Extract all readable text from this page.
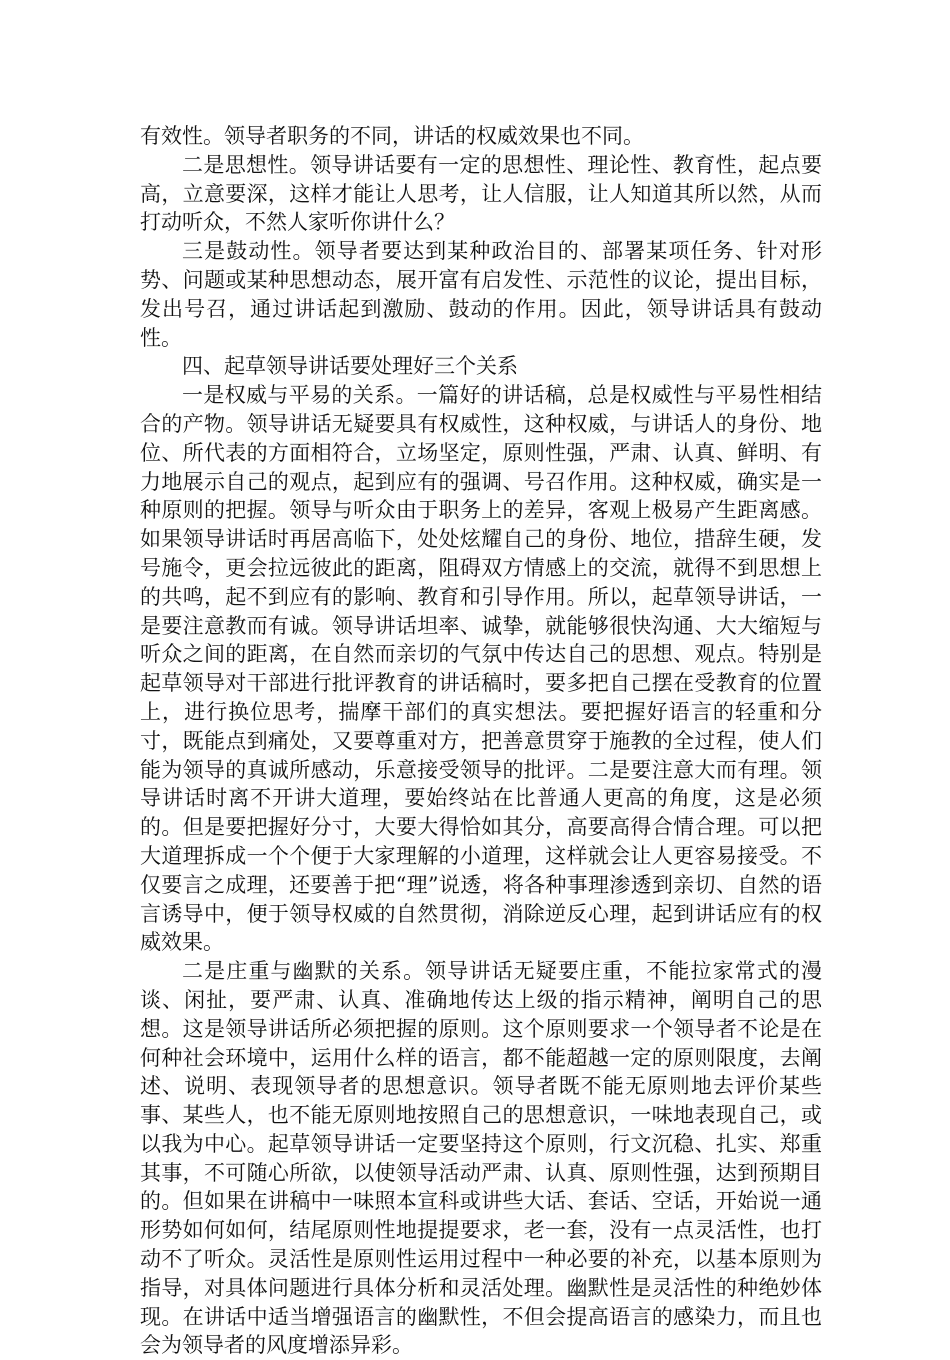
有效性。领导者职务的不同，讲话的权威效果也不同。

二是思想性。领导讲话要有一定的思想性、理论性、教育性，起点要高，立意要深，这样才能让人思考，让人信服，让人知道其所以然，从而打动听众，不然人家听你讲什么？

三是鼓动性。领导者要达到某种政治目的、部署某项任务、针对形势、问题或某种思想动态，展开富有启发性、示范性的议论，提出目标，发出号召，通过讲话起到激励、鼓动的作用。因此，领导讲话具有鼓动性。

四、起草领导讲话要处理好三个关系

一是权威与平易的关系。一篇好的讲话稿，总是权威性与平易性相结合的产物。领导讲话无疑要具有权威性，这种权威，与讲话人的身份、地位、所代表的方面相符合，立场坚定，原则性强，严肃、认真、鲜明、有力地展示自己的观点，起到应有的强调、号召作用。这种权威，确实是一种原则的把握。领导与听众由于职务上的差异，客观上极易产生距离感。如果领导讲话时再居高临下，处处炫耀自己的身份、地位，措辞生硬，发号施令，更会拉远彼此的距离，阻碍双方情感上的交流，就得不到思想上的共鸣，起不到应有的影响、教育和引导作用。所以，起草领导讲话，一是要注意教而有诚。领导讲话坦率、诚挚，就能够很快沟通、大大缩短与听众之间的距离，在自然而亲切的气氛中传达自己的思想、观点。特别是起草领导对干部进行批评教育的讲话稿时，要多把自己摆在受教育的位置上，进行换位思考，揣摩干部们的真实想法。要把握好语言的轻重和分寸，既能点到痛处，又要尊重对方，把善意贯穿于施教的全过程，使人们能为领导的真诚所感动，乐意接受领导的批评。二是要注意大而有理。领导讲话时离不开讲大道理，要始终站在比普通人更高的角度，这是必须的。但是要把握好分寸，大要大得恰如其分，高要高得合情合理。可以把大道理拆成一个个便于大家理解的小道理，这样就会让人更容易接受。不仅要言之成理，还要善于把“理”说透，将各种事理渗透到亲切、自然的语言诱导中，便于领导权威的自然贯彻，消除逆反心理，起到讲话应有的权威效果。

二是庄重与幽默的关系。领导讲话无疑要庄重，不能拉家常式的漫谈、闲扯，要严肃、认真、准确地传达上级的指示精神，阐明自己的思想。这是领导讲话所必须把握的原则。这个原则要求一个领导者不论是在何种社会环境中，运用什么样的语言，都不能超越一定的原则限度，去阐述、说明、表现领导者的思想意识。领导者既不能无原则地去评价某些事、某些人，也不能无原则地按照自己的思想意识，一味地表现自己，或以我为中心。起草领导讲话一定要坚持这个原则，行文沉稳、扎实、郑重其事，不可随心所欲，以使领导活动严肃、认真、原则性强，达到预期目的。但如果在讲稿中一味照本宣科或讲些大话、套话、空话，开始说一通形势如何如何，结尾原则性地提提要求，老一套，没有一点灵活性，也打动不了听众。灵活性是原则性运用过程中一种必要的补充，以基本原则为指导，对具体问题进行具体分析和灵活处理。幽默性是灵活性的种绝妙体现。在讲话中适当增强语言的幽默性，不但会提高语言的感染力，而且也会为领导者的风度增添异彩。
